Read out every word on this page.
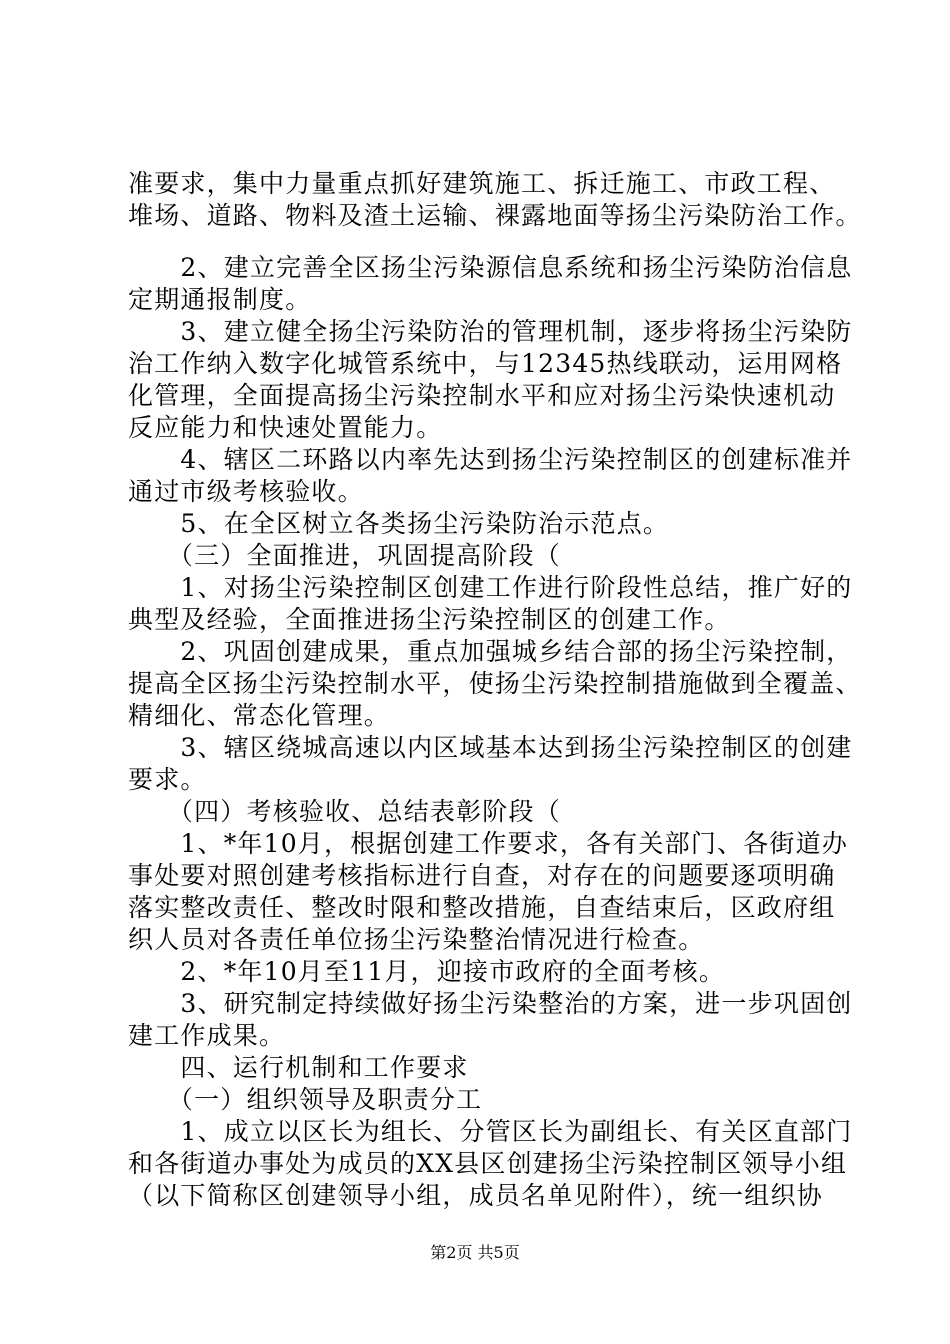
准要求，集中力量重点抓好建筑施工、拆迁施工、市政工程、
堆场、道路、物料及渣土运输、裸露地面等扬尘污染防治工作。
　　2、建立完善全区扬尘污染源信息系统和扬尘污染防治信息
定期通报制度。
　　3、建立健全扬尘污染防治的管理机制，逐步将扬尘污染防
治工作纳入数字化城管系统中，与12345热线联动，运用网格
化管理，全面提高扬尘污染控制水平和应对扬尘污染快速机动
反应能力和快速处置能力。
　　4、辖区二环路以内率先达到扬尘污染控制区的创建标准并
通过市级考核验收。
　　5、在全区树立各类扬尘污染防治示范点。
　　（三）全面推进，巩固提高阶段（
　　1、对扬尘污染控制区创建工作进行阶段性总结，推广好的
典型及经验，全面推进扬尘污染控制区的创建工作。
　　2、巩固创建成果，重点加强城乡结合部的扬尘污染控制，
提高全区扬尘污染控制水平，使扬尘污染控制措施做到全覆盖、
精细化、常态化管理。
　　3、辖区绕城高速以内区域基本达到扬尘污染控制区的创建
要求。
　　（四）考核验收、总结表彰阶段（
　　1、*年10月，根据创建工作要求，各有关部门、各街道办
事处要对照创建考核指标进行自查，对存在的问题要逐项明确
落实整改责任、整改时限和整改措施，自查结束后，区政府组
织人员对各责任单位扬尘污染整治情况进行检查。
　　2、*年10月至11月，迎接市政府的全面考核。
　　3、研究制定持续做好扬尘污染整治的方案，进一步巩固创
建工作成果。
　　四、运行机制和工作要求
　　（一）组织领导及职责分工
　　1、成立以区长为组长、分管区长为副组长、有关区直部门
和各街道办事处为成员的XX县区创建扬尘污染控制区领导小组
（以下简称区创建领导小组，成员名单见附件），统一组织协
第2页 共5页
